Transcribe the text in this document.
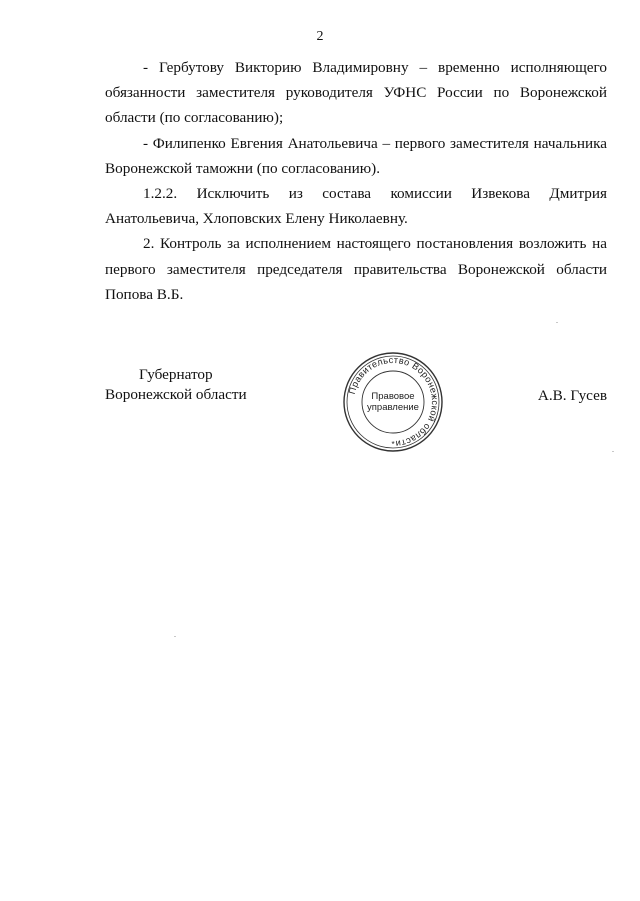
2

- Гербутову Викторию Владимировну – временно исполняющего обязанности заместителя руководителя УФНС России по Воронежской области (по согласованию);

- Филипенко Евгения Анатольевича – первого заместителя начальника Воронежской таможни (по согласованию).

1.2.2. Исключить из состава комиссии Извекова Дмитрия Анатольевича, Хлоповских Елену Николаевну.

2. Контроль за исполнением настоящего постановления возложить на первого заместителя председателя правительства Воронежской области Попова В.Б.

Губернатор
Воронежской области	Правительство Воронежской области
Правовое
управление
*
А.В. Гусев
